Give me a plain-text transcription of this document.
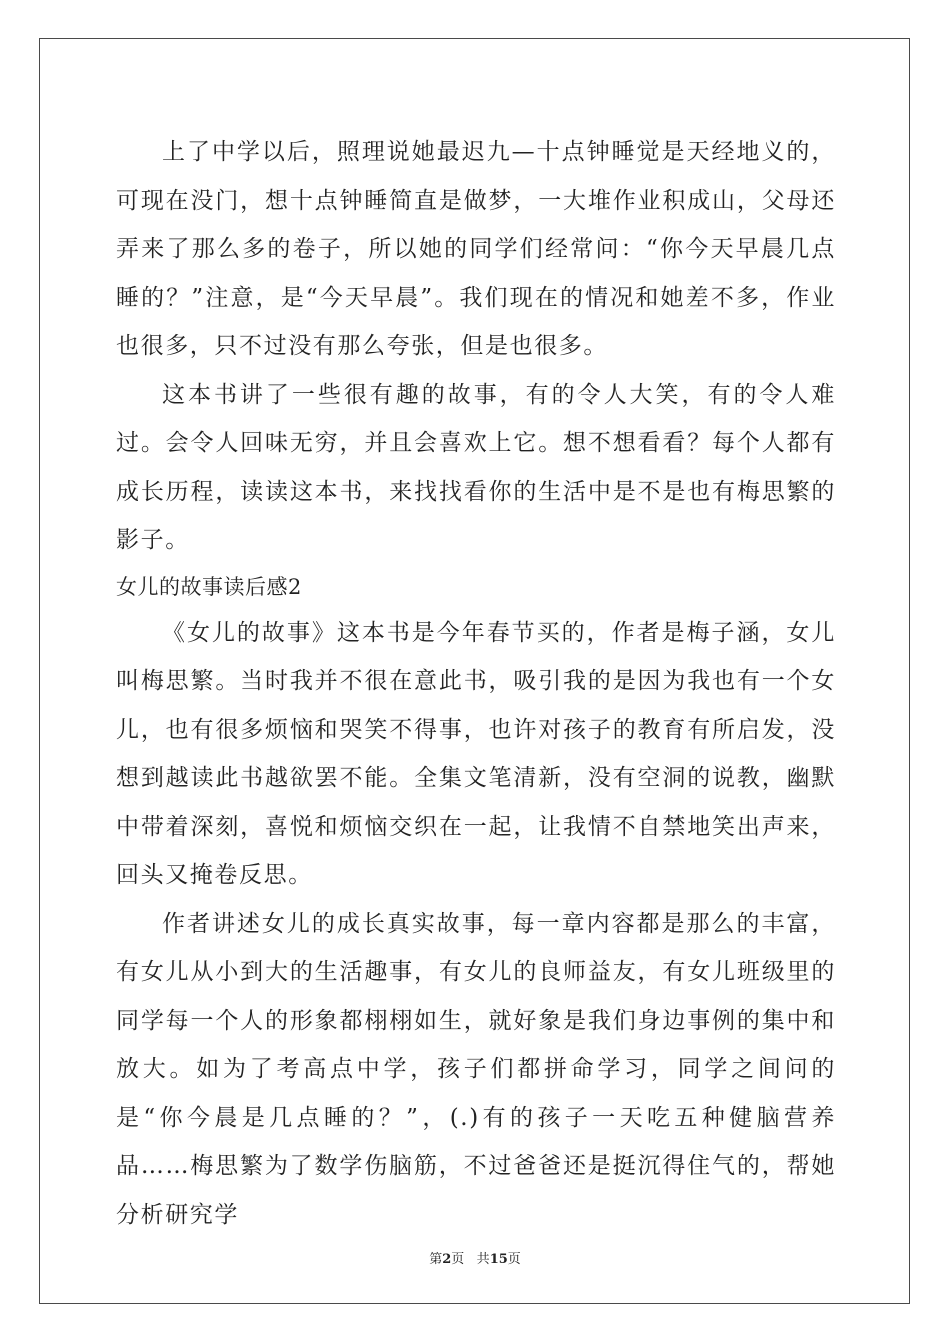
上了中学以后，照理说她最迟九—十点钟睡觉是天经地义的，可现在没门，想十点钟睡简直是做梦，一大堆作业积成山，父母还弄来了那么多的卷子，所以她的同学们经常问：“你今天早晨几点睡的？”注意，是“今天早晨”。我们现在的情况和她差不多，作业也很多，只不过没有那么夸张，但是也很多。

这本书讲了一些很有趣的故事，有的令人大笑，有的令人难过。会令人回味无穷，并且会喜欢上它。想不想看看？每个人都有成长历程，读读这本书，来找找看你的生活中是不是也有梅思繁的影子。

女儿的故事读后感2

《女儿的故事》这本书是今年春节买的，作者是梅子涵，女儿叫梅思繁。当时我并不很在意此书，吸引我的是因为我也有一个女儿，也有很多烦恼和哭笑不得事，也许对孩子的教育有所启发，没想到越读此书越欲罢不能。全集文笔清新，没有空洞的说教，幽默中带着深刻，喜悦和烦恼交织在一起，让我情不自禁地笑出声来，回头又掩卷反思。

作者讲述女儿的成长真实故事，每一章内容都是那么的丰富，有女儿从小到大的生活趣事，有女儿的良师益友，有女儿班级里的同学每一个人的形象都栩栩如生，就好象是我们身边事例的集中和放大。如为了考高点中学，孩子们都拼命学习，同学之间问的是“你今晨是几点睡的？”，(.)有的孩子一天吃五种健脑营养品……梅思繁为了数学伤脑筋，不过爸爸还是挺沉得住气的，帮她分析研究学

第2页 共15页
